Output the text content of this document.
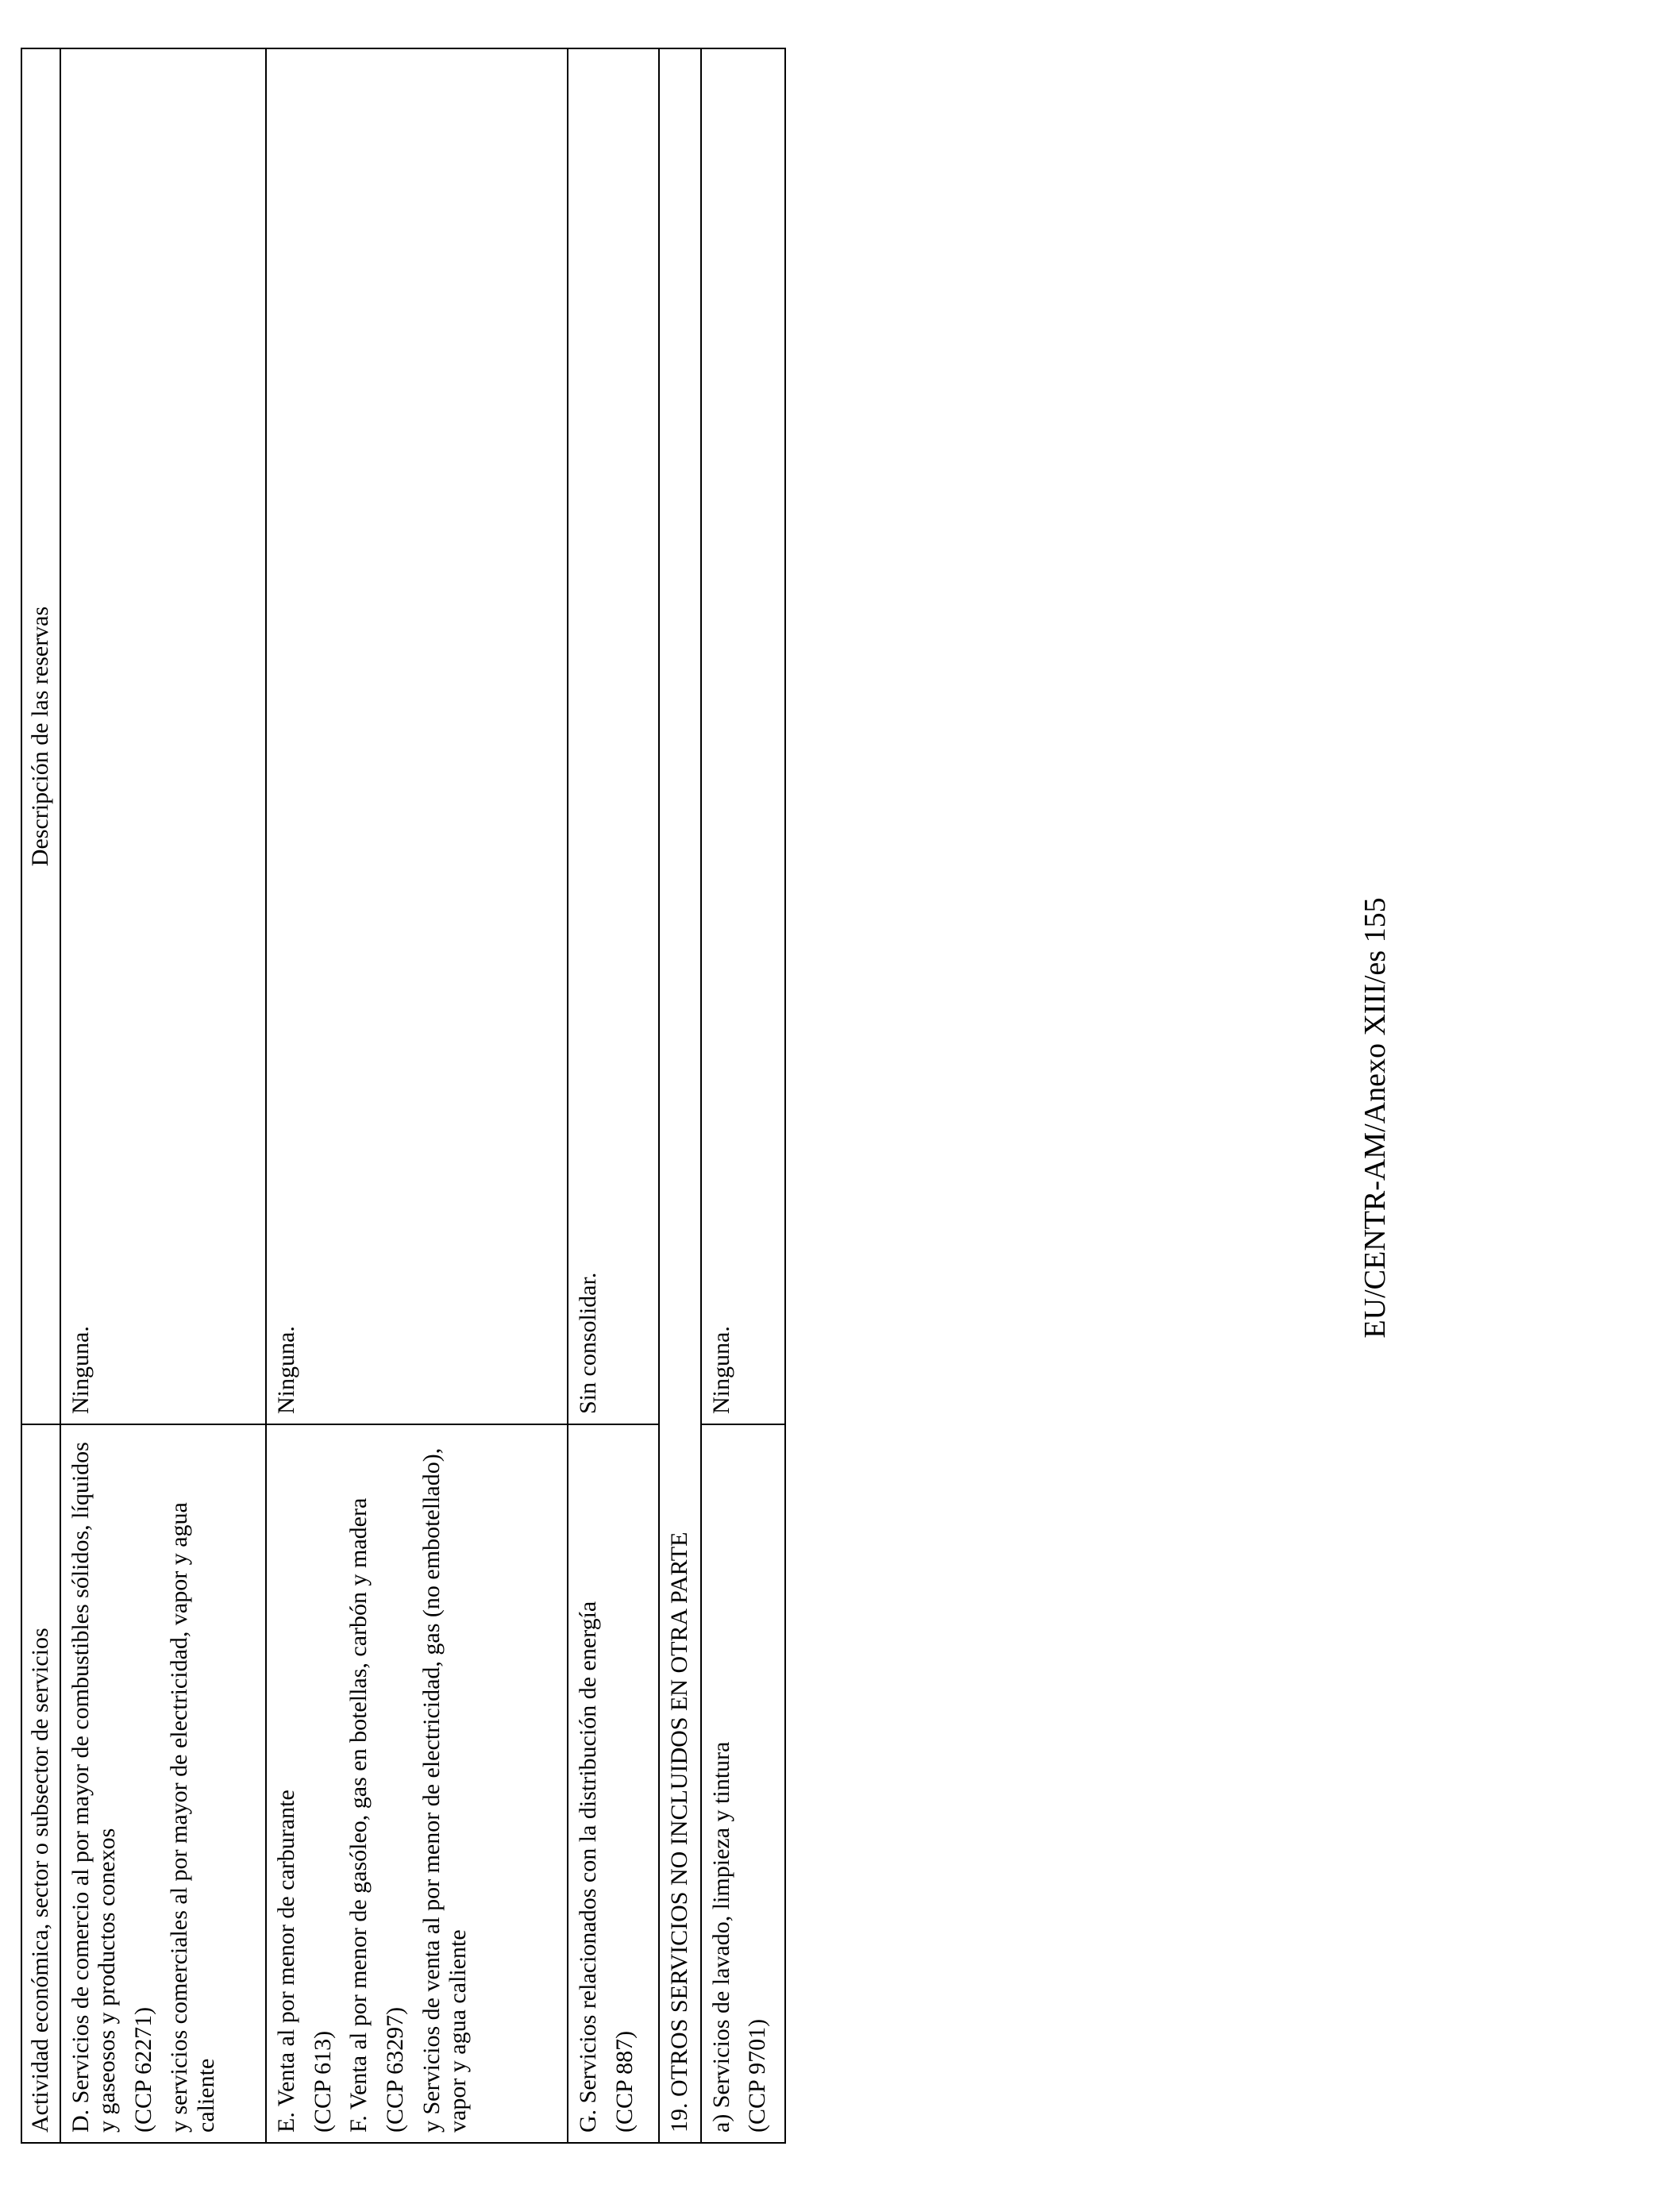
Actividad económica, sector o subsector de servicios	Descripción de las reservas

D. Servicios de comercio al por mayor de combustibles sólidos, líquidos y gaseosos y productos conexos (CCP 62271) y servicios comerciales al por mayor de electricidad, vapor y agua caliente	Ninguna.

E. Venta al por menor de carburante (CCP 613) F. Venta al por menor de gasóleo, gas en botellas, carbón y madera (CCP 63297) y Servicios de venta al por menor de electricidad, gas (no embotellado), vapor y agua caliente	Ninguna.

G. Servicios relacionados con la distribución de energía (CCP 887)	Sin consolidar.
19. OTROS SERVICIOS NO INCLUIDOS EN OTRA PARTE	

a) Servicios de lavado, limpieza y tintura (CCP 9701)	Ninguna.
EU/CENTR-AM/Anexo XIII/es 155
